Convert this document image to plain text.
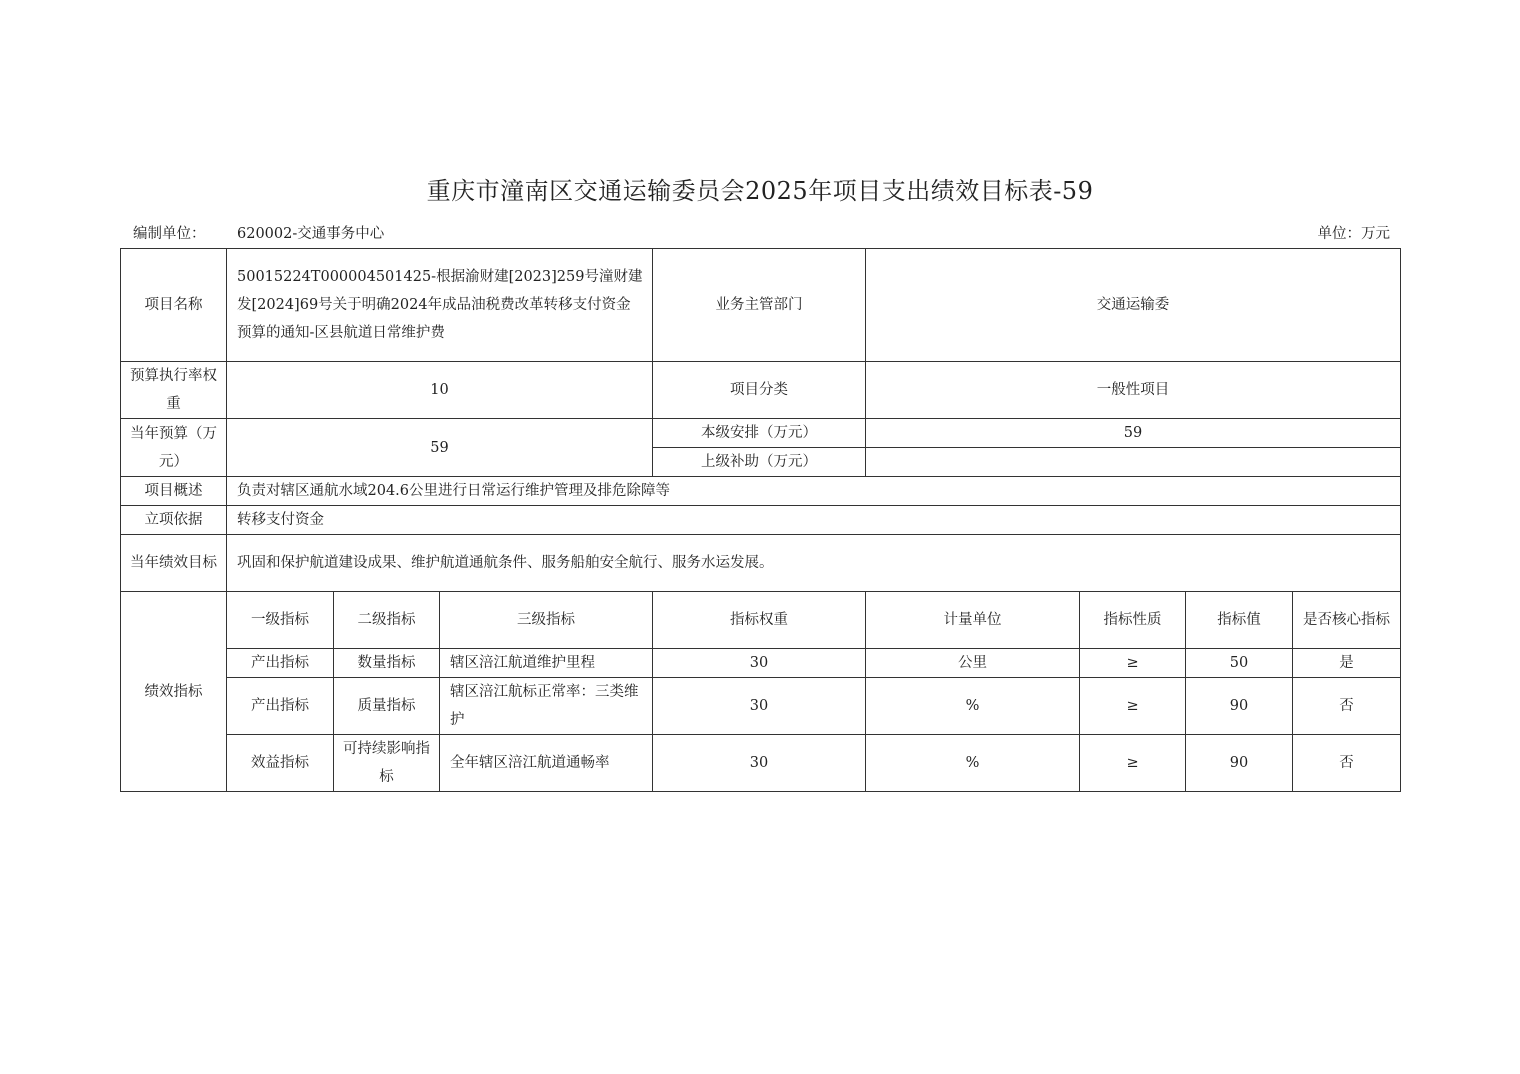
重庆市潼南区交通运输委员会2025年项目支出绩效目标表-59
编制单位： 620002-交通事务中心	单位：万元
项目名称	50015224T000004501425-根据渝财建[2023]259号潼财建发[2024]69号关于明确2024年成品油税费改革转移支付资金预算的通知-区县航道日常维护费			业务主管部门	交通运输委			
预算执行率权重	10			项目分类	一般性项目			
当年预算（万元）	59			本级安排（万元）	59			
				上级补助（万元）				
项目概述	负责对辖区通航水域204.6公里进行日常运行维护管理及排危除障等							
立项依据	转移支付资金							
当年绩效目标	巩固和保护航道建设成果、维护航道通航条件、服务船舶安全航行、服务水运发展。							
绩效指标	一级指标	二级指标	三级指标	指标权重	计量单位	指标性质	指标值	是否核心指标
	产出指标	数量指标	辖区涪江航道维护里程	30	公里	≥	50	是
	产出指标	质量指标	辖区涪江航标正常率：三类维护	30	%	≥	90	否
	效益指标	可持续影响指标	全年辖区涪江航道通畅率	30	%	≥	90	否
